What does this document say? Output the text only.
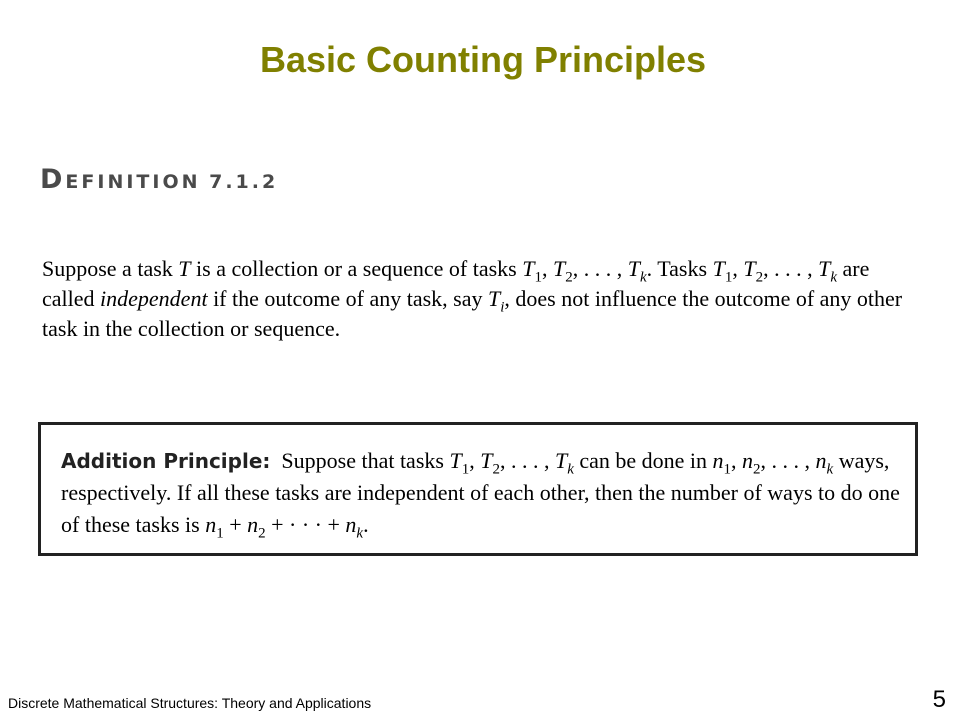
Basic Counting Principles
DEFINITION 7.1.2
Suppose a task T is a collection or a sequence of tasks $T_1$, $T_2$, . . . , $T_k$. Tasks $T_1$, $T_2$, . . . , $T_k$ are called independent if the outcome of any task, say $T_i$, does not influence the outcome of any other task in the collection or sequence.
Addition Principle: Suppose that tasks $T_1$, $T_2$, . . . , $T_k$ can be done in $n_1$, $n_2$, . . . , $n_k$ ways, respectively. If all these tasks are independent of each other, then the number of ways to do one of these tasks is $n_1 + n_2$ + · · · + $n_k$.
Discrete Mathematical Structures: Theory and Applications	5
